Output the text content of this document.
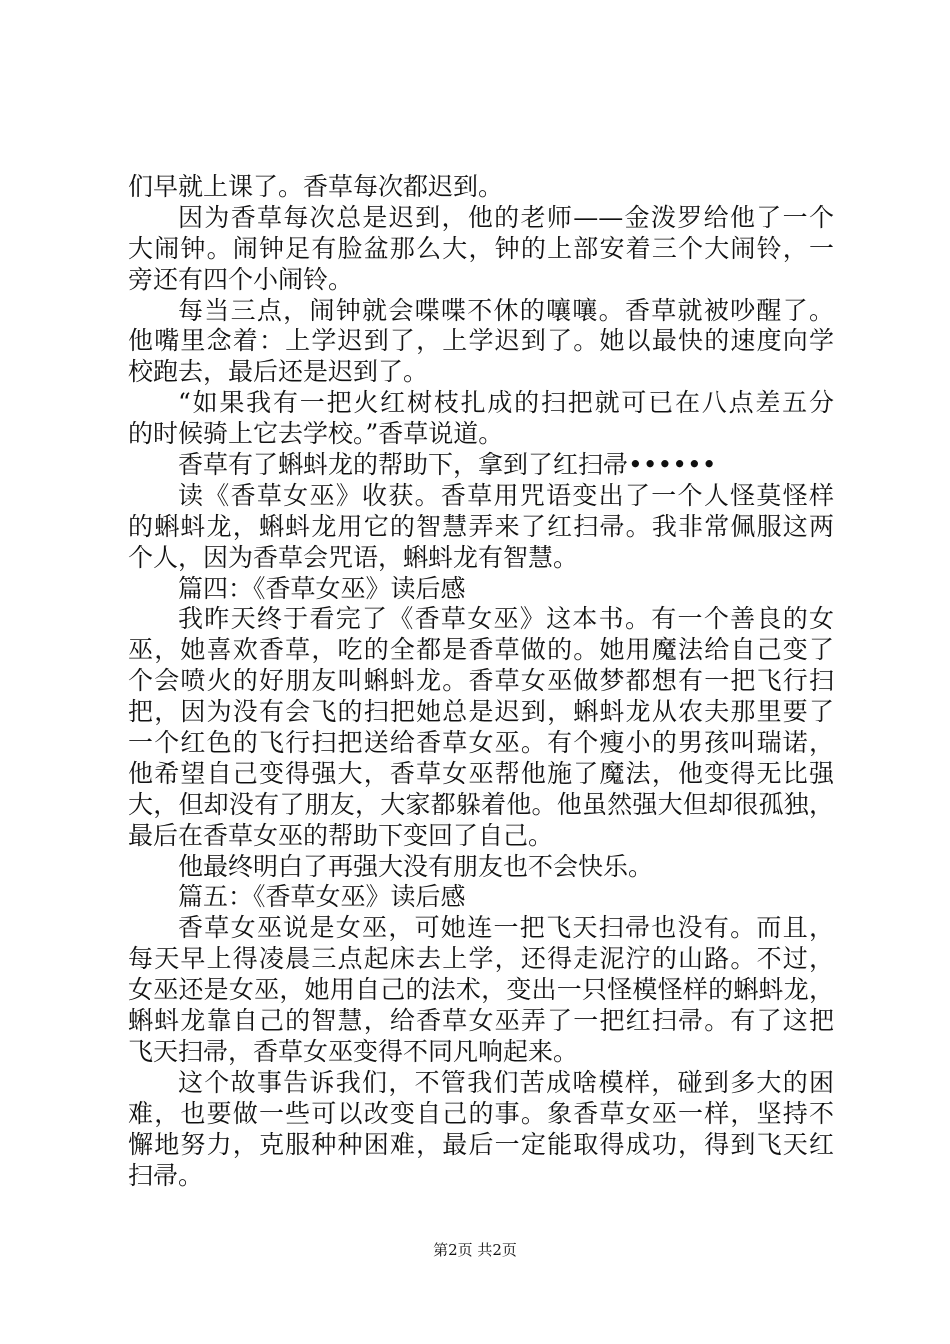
们早就上课了。香草每次都迟到。
因为香草每次总是迟到，他的老师——金泼罗给他了一个
大闹钟。闹钟足有脸盆那么大，钟的上部安着三个大闹铃，一
旁还有四个小闹铃。
每当三点，闹钟就会喋喋不休的嚷嚷。香草就被吵醒了。
他嘴里念着：上学迟到了，上学迟到了。她以最快的速度向学
校跑去，最后还是迟到了。
“如果我有一把火红树枝扎成的扫把就可已在八点差五分
的时候骑上它去学校。”香草说道。
香草有了蝌蚪龙的帮助下，拿到了红扫帚••••••
读《香草女巫》收获。香草用咒语变出了一个人怪莫怪样
的蝌蚪龙，蝌蚪龙用它的智慧弄来了红扫帚。我非常佩服这两
个人，因为香草会咒语，蝌蚪龙有智慧。
篇四：《香草女巫》读后感
我昨天终于看完了《香草女巫》这本书。有一个善良的女
巫，她喜欢香草，吃的全都是香草做的。她用魔法给自己变了
个会喷火的好朋友叫蝌蚪龙。香草女巫做梦都想有一把飞行扫
把，因为没有会飞的扫把她总是迟到，蝌蚪龙从农夫那里要了
一个红色的飞行扫把送给香草女巫。有个瘦小的男孩叫瑞诺，
他希望自己变得强大，香草女巫帮他施了魔法，他变得无比强
大，但却没有了朋友，大家都躲着他。他虽然强大但却很孤独，
最后在香草女巫的帮助下变回了自己。
他最终明白了再强大没有朋友也不会快乐。
篇五：《香草女巫》读后感
香草女巫说是女巫，可她连一把飞天扫帚也没有。而且，
每天早上得凌晨三点起床去上学，还得走泥泞的山路。不过，
女巫还是女巫，她用自己的法术，变出一只怪模怪样的蝌蚪龙，
蝌蚪龙靠自己的智慧，给香草女巫弄了一把红扫帚。有了这把
飞天扫帚，香草女巫变得不同凡响起来。
这个故事告诉我们，不管我们苦成啥模样，碰到多大的困
难，也要做一些可以改变自己的事。象香草女巫一样，坚持不
懈地努力，克服种种困难，最后一定能取得成功，得到飞天红
扫帚。
第2页 共2页
